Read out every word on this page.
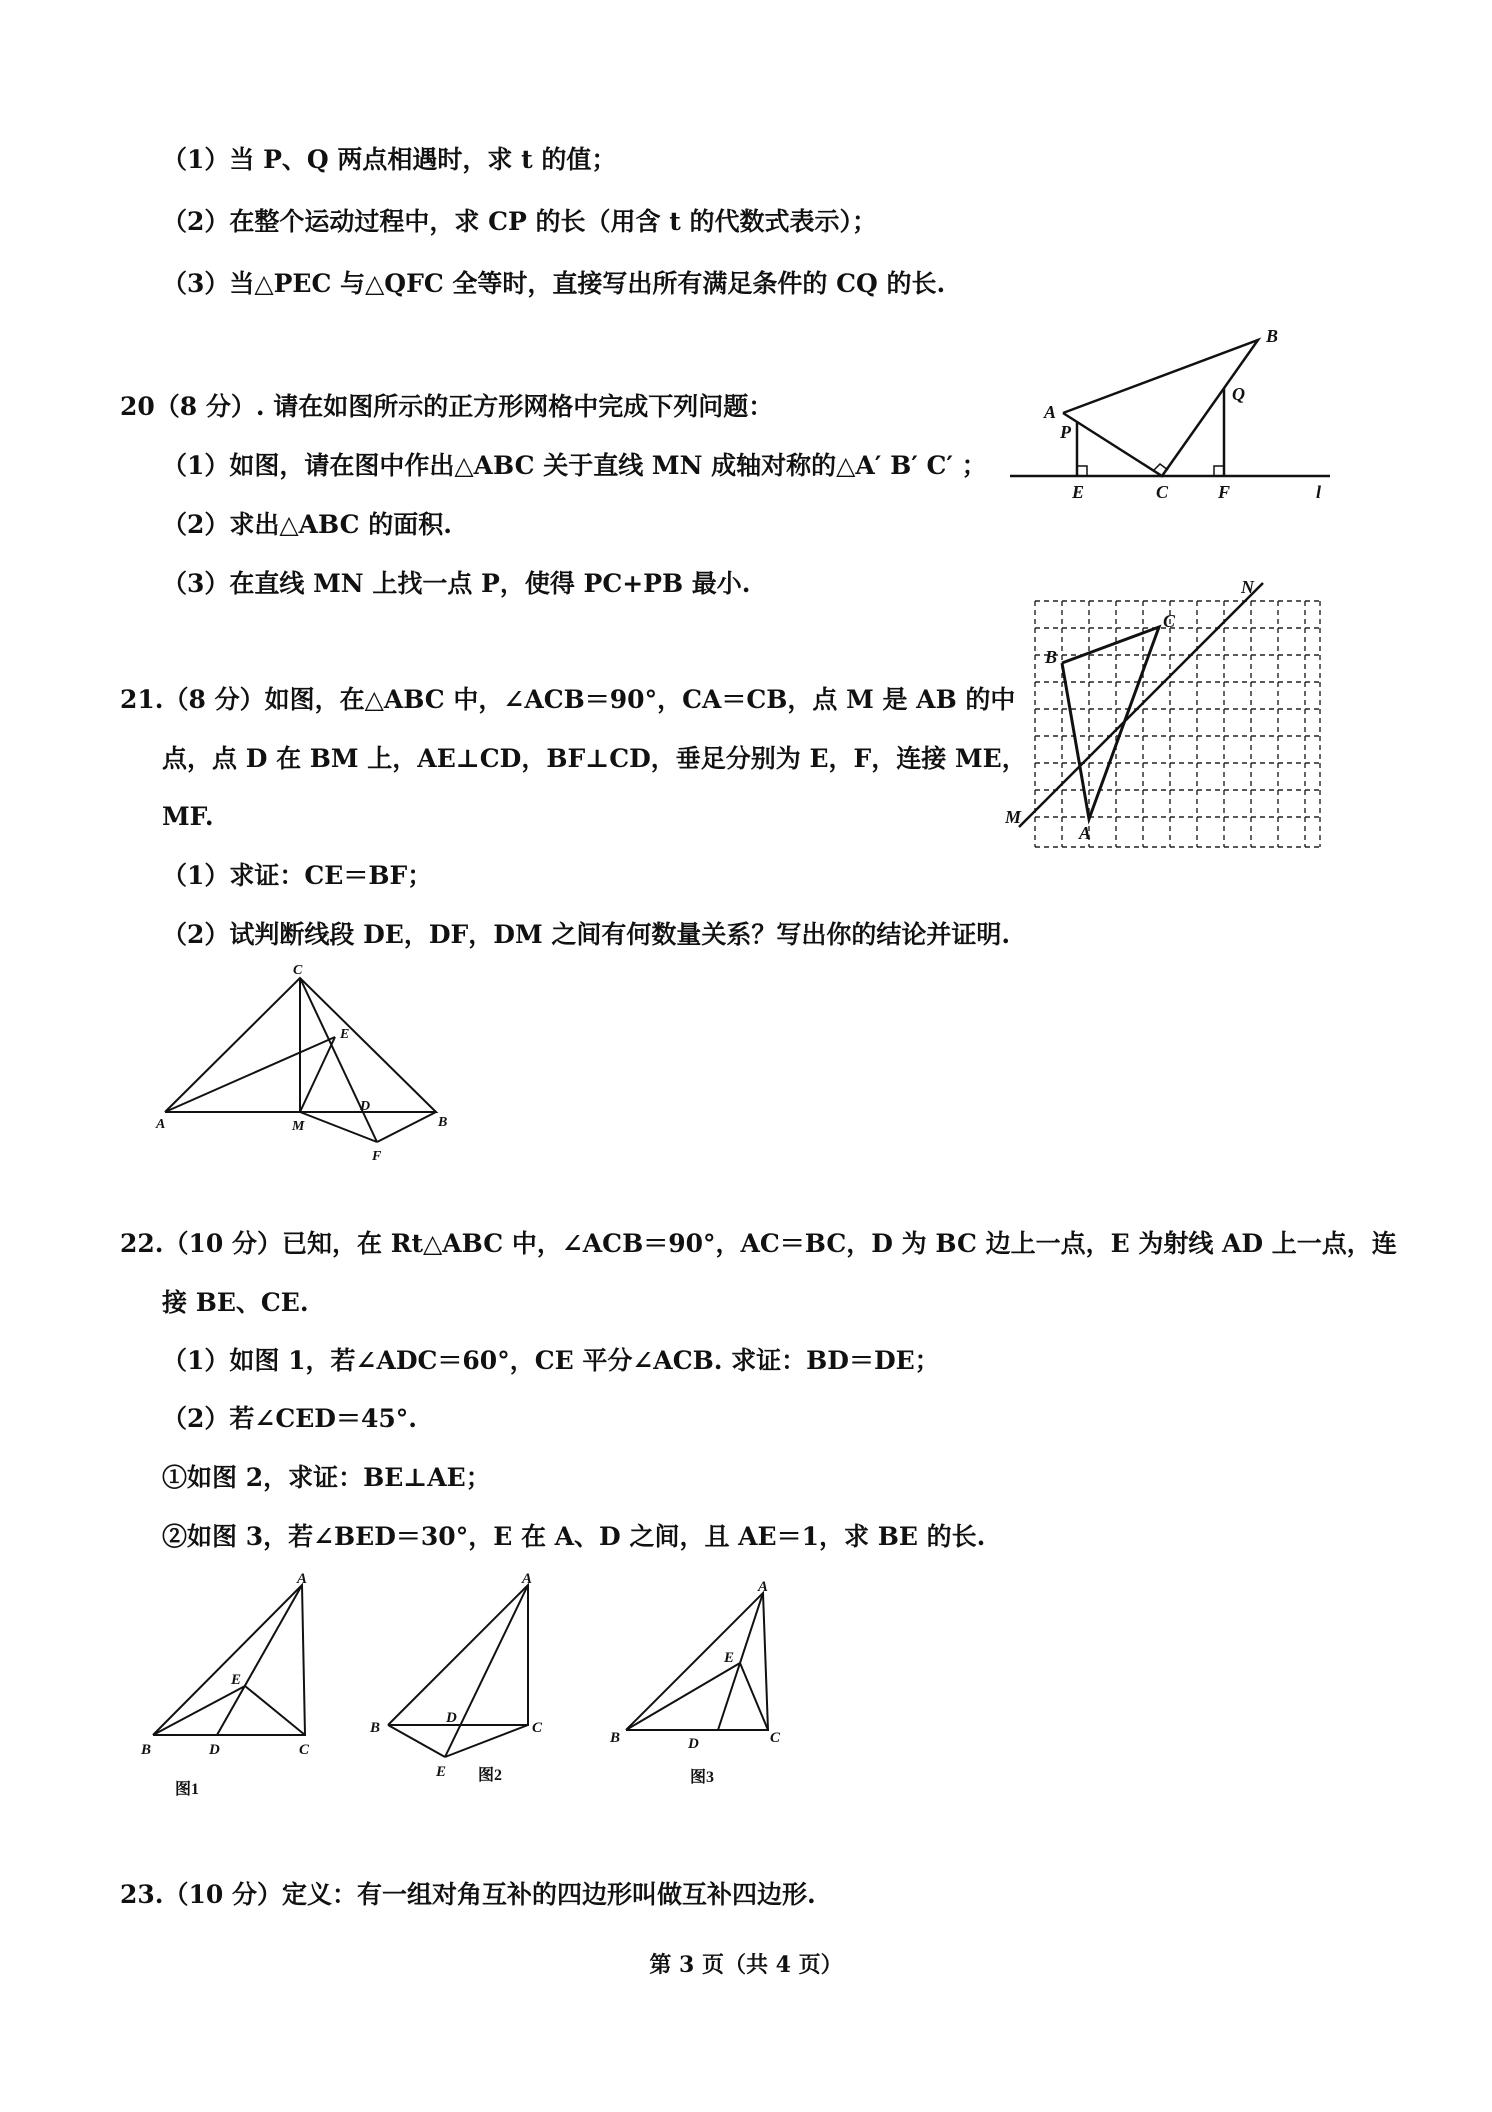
（1）当 P、Q 两点相遇时，求 t 的值；
（2）在整个运动过程中，求 CP 的长（用含 t 的代数式表示）；
（3）当△PEC 与△QFC 全等时，直接写出所有满足条件的 CQ 的长.
A
B
P
Q
E	C	F	l
20（8 分）. 请在如图所示的正方形网格中完成下列问题：
（1）如图，请在图中作出△ABC 关于直线 MN 成轴对称的△A′ B′ C′ ；
（2）求出△ABC 的面积.
（3）在直线 MN 上找一点 P，使得 PC+PB 最小.	N
C
B
M
A
21.（8 分）如图，在△ABC 中，∠ACB＝90°，CA＝CB，点 M 是 AB 的中
点，点 D 在 BM 上，AE⊥CD，BF⊥CD，垂足分别为 E，F，连接 ME，
MF.
（1）求证：CE＝BF；
（2）试判断线段 DE，DF，DM 之间有何数量关系？写出你的结论并证明.
C
E
A	M
D
B
F
22.（10 分）已知，在 Rt△ABC 中，∠ACB＝90°，AC＝BC，D 为 BC 边上一点，E 为射线 AD 上一点，连
接 BE、CE.
（1）如图 1，若∠ADC＝60°，CE 平分∠ACB. 求证：BD＝DE；
（2）若∠CED＝45°.
①如图 2，求证：BE⊥AE；
②如图 3，若∠BED＝30°，E 在 A、D 之间，且 AE＝1，求 BE 的长.
A
E
B	D	C
图1
A
B
D
C
E 图2
A
E
B	D	C
图3
23.（10 分）定义：有一组对角互补的四边形叫做互补四边形.
第 3 页（共 4 页）
